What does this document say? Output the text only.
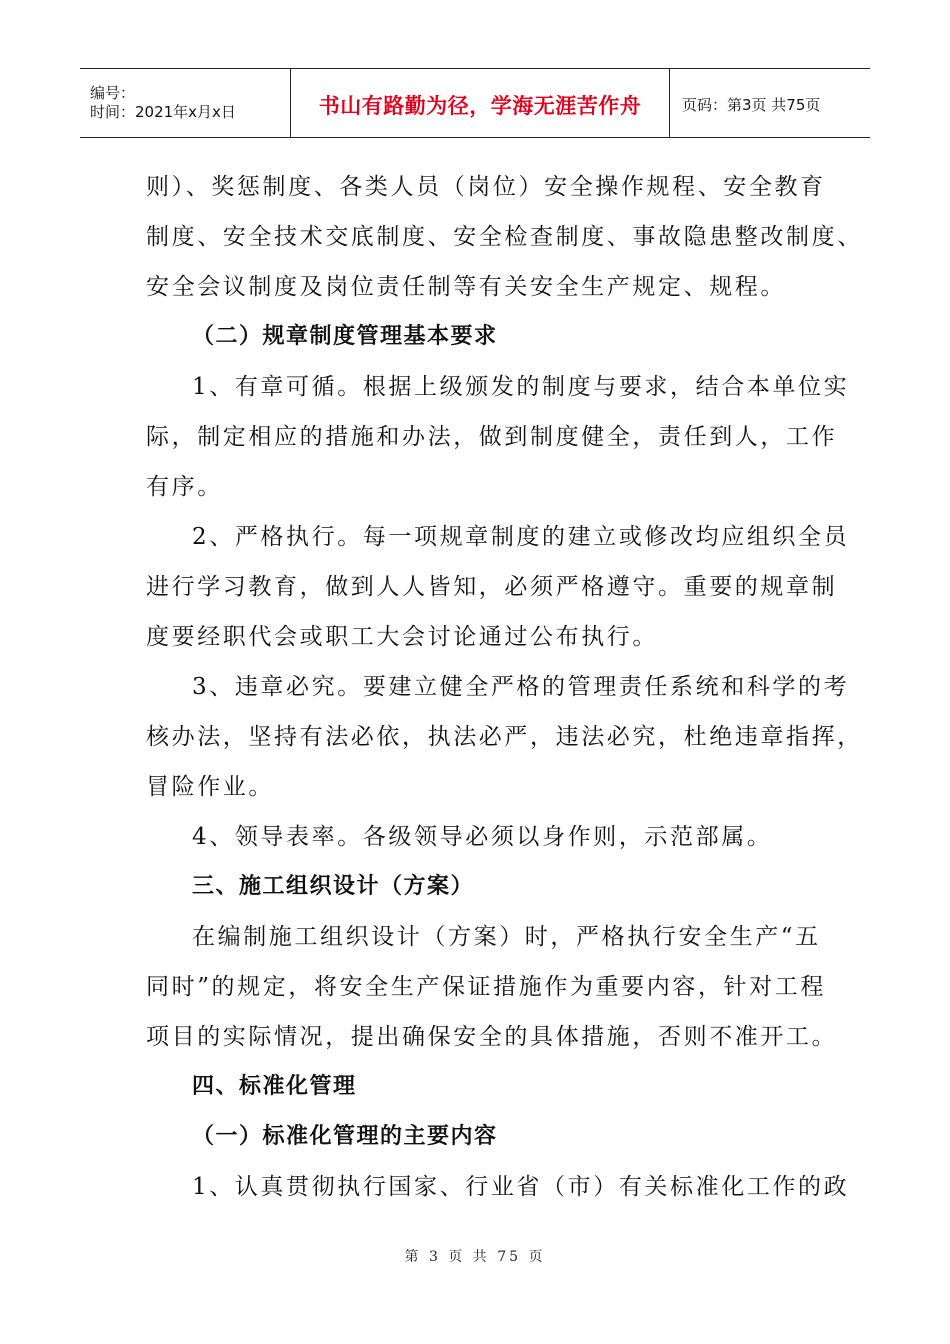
编号：
时间：2021年x月x日	书山有路勤为径，学海无涯苦作舟	页码：第3页 共75页
则）、奖惩制度、各类人员（岗位）安全操作规程、安全教育
制度、安全技术交底制度、安全检查制度、事故隐患整改制度、
安全会议制度及岗位责任制等有关安全生产规定、规程。
（二）规章制度管理基本要求
1、有章可循。根据上级颁发的制度与要求，结合本单位实
际，制定相应的措施和办法，做到制度健全，责任到人，工作
有序。
2、严格执行。每一项规章制度的建立或修改均应组织全员
进行学习教育，做到人人皆知，必须严格遵守。重要的规章制
度要经职代会或职工大会讨论通过公布执行。
3、违章必究。要建立健全严格的管理责任系统和科学的考
核办法，坚持有法必依，执法必严，违法必究，杜绝违章指挥，
冒险作业。
4、领导表率。各级领导必须以身作则，示范部属。
三、施工组织设计（方案）
在编制施工组织设计（方案）时，严格执行安全生产“五
同时”的规定，将安全生产保证措施作为重要内容，针对工程
项目的实际情况，提出确保安全的具体措施，否则不准开工。
四、标准化管理
（一）标准化管理的主要内容
1、认真贯彻执行国家、行业省（市）有关标准化工作的政
第 3 页 共 75 页
